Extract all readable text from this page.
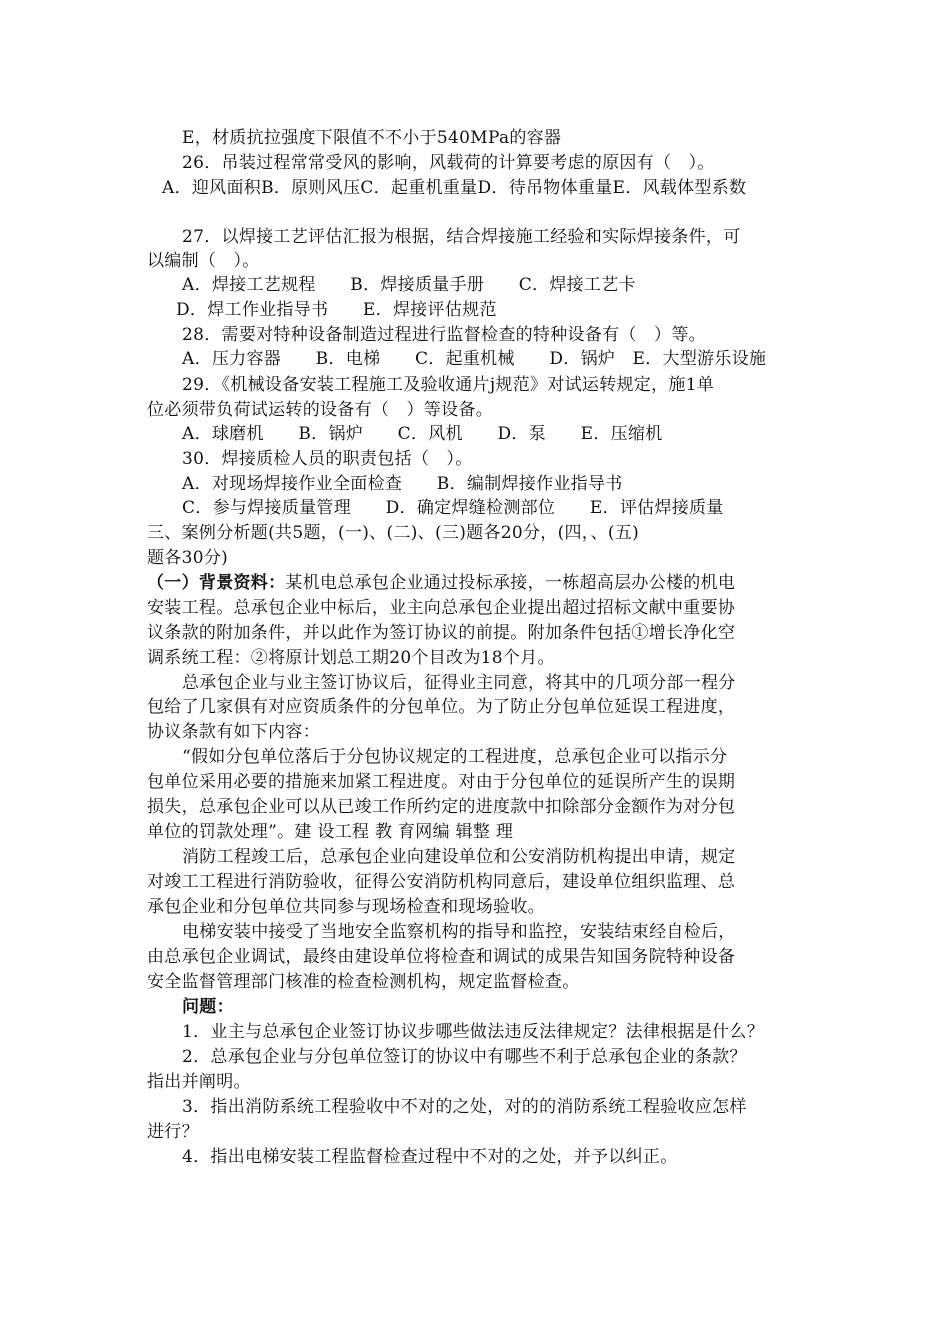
E，材质抗拉强度下限值不不小于540MPa的容器
26．吊装过程常常受风的影响，风载荷的计算要考虑的原因有（　）。
A．迎风面积B．原则风压C．起重机重量D．待吊物体重量E．风载体型系数
27．以焊接工艺评估汇报为根据，结合焊接施工经验和实际焊接条件，可
以编制（　）。
A．焊接工艺规程　　B．焊接质量手册　　C．焊接工艺卡
D．焊工作业指导书　　E．焊接评估规范
28．需要对特种设备制造过程进行监督检查的特种设备有（　）等。
A．压力容器　　B．电梯　　C．起重机械　　D．锅炉　E．大型游乐设施
29．《机械设备安装工程施工及验收通片j规范》对试运转规定，施1单
位必须带负荷试运转的设备有（　）等设备。
A．球磨机　　B．锅炉　　C．风机　　D．泵　　E．压缩机
30．焊接质检人员的职责包括（　）。
A．对现场焊接作业全面检查　　B．编制焊接作业指导书
C．参与焊接质量管理　　D．确定焊缝检测部位　　E．评估焊接质量
三、案例分析题(共5题，(一)、(二)、(三)题各20分，(四，、(五)
题各30分)
（一）背景资料：某机电总承包企业通过投标承接，一栋超高层办公楼的机电
安装工程。总承包企业中标后，业主向总承包企业提出超过招标文献中重要协
议条款的附加条件，并以此作为签订协议的前提。附加条件包括①增长净化空
调系统工程：②将原计划总工期20个目改为18个月。
总承包企业与业主签订协议后，征得业主同意，将其中的几项分部一程分
包给了几家俱有对应资质条件的分包单位。为了防止分包单位延误工程进度，
协议条款有如下内容：
“假如分包单位落后于分包协议规定的工程进度，总承包企业可以指示分
包单位采用必要的措施来加紧工程进度。对由于分包单位的延误所产生的误期
损失，总承包企业可以从已竣工作所约定的进度款中扣除部分金额作为对分包
单位的罚款处理”。建 设工程 教 育网编 辑整 理
消防工程竣工后，总承包企业向建设单位和公安消防机构提出申请，规定
对竣工工程进行消防验收，征得公安消防机构同意后，建设单位组织监理、总
承包企业和分包单位共同参与现场检查和现场验收。
电梯安装中接受了当地安全监察机构的指导和监控，安装结束经自检后，
由总承包企业调试，最终由建设单位将检查和调试的成果告知国务院特种设备
安全监督管理部门核准的检查检测机构，规定监督检查。
问题：
1．业主与总承包企业签订协议步哪些做法违反法律规定？法律根据是什么？
2．总承包企业与分包单位签订的协议中有哪些不利于总承包企业的条款？
指出并阐明。
3．指出消防系统工程验收中不对的之处，对的的消防系统工程验收应怎样
进行？
4．指出电梯安装工程监督检查过程中不对的之处，并予以纠正。
